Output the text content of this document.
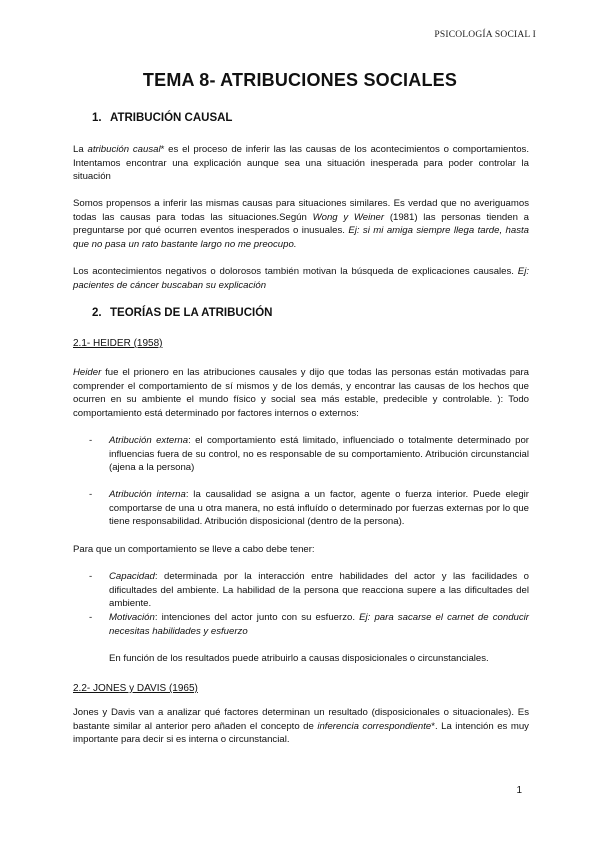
PSICOLOGÍA SOCIAL I
TEMA 8- ATRIBUCIONES SOCIALES
1. ATRIBUCIÓN CAUSAL

La atribución causal* es el proceso de inferir las las causas de los acontecimientos o comportamientos. Intentamos encontrar una explicación aunque sea una situación inesperada para poder controlar la situación

Somos propensos a inferir las mismas causas para situaciones similares. Es verdad que no averiguamos todas las causas para todas las situaciones.Según Wong y Weiner (1981) las personas tienden a preguntarse por qué ocurren eventos inesperados o inusuales. Ej: si mi amiga siempre llega tarde, hasta que no pasa un rato bastante largo no me preocupo.

Los acontecimientos negativos o dolorosos también motivan la búsqueda de explicaciones causales. Ej: pacientes de cáncer buscaban su explicación

2. TEORÍAS DE LA ATRIBUCIÓN
2.1- HEIDER (1958)

Heider fue el prionero en las atribuciones causales y dijo que todas las personas están motivadas para comprender el comportamiento de sí mismos y de los demás, y encontrar las causas de los hechos que ocurren en su ambiente el mundo físico y social sea más estable, predecible y controlable. ): Todo comportamiento está determinado por factores internos o externos:

- Atribución externa: el comportamiento está limitado, influenciado o totalmente determinado por influencias fuera de su control, no es responsable de su comportamiento. Atribución circunstancial (ajena a la persona)
- Atribución interna: la causalidad se asigna a un factor, agente o fuerza interior. Puede elegir comportarse de una u otra manera, no está influído o determinado por fuerzas externas por lo que tiene responsabilidad. Atribución disposicional (dentro de la persona).

Para que un comportamiento se lleve a cabo debe tener:

- Capacidad: determinada por la interacción entre habilidades del actor y las facilidades o dificultades del ambiente. La habilidad de la persona que reacciona supere a las dificultades del ambiente.
- Motivación: intenciones del actor junto con su esfuerzo. Ej: para sacarse el carnet de conducir necesitas habilidades y esfuerzo

En función de los resultados puede atribuirlo a causas disposicionales o circunstanciales.

2.2- JONES y DAVIS (1965)

Jones y Davis van a analizar qué factores determinan un resultado (disposicionales o situacionales). Es bastante similar al anterior pero añaden el concepto de inferencia correspondiente*. La intención es muy importante para decir si es interna o circunstancial.

1
